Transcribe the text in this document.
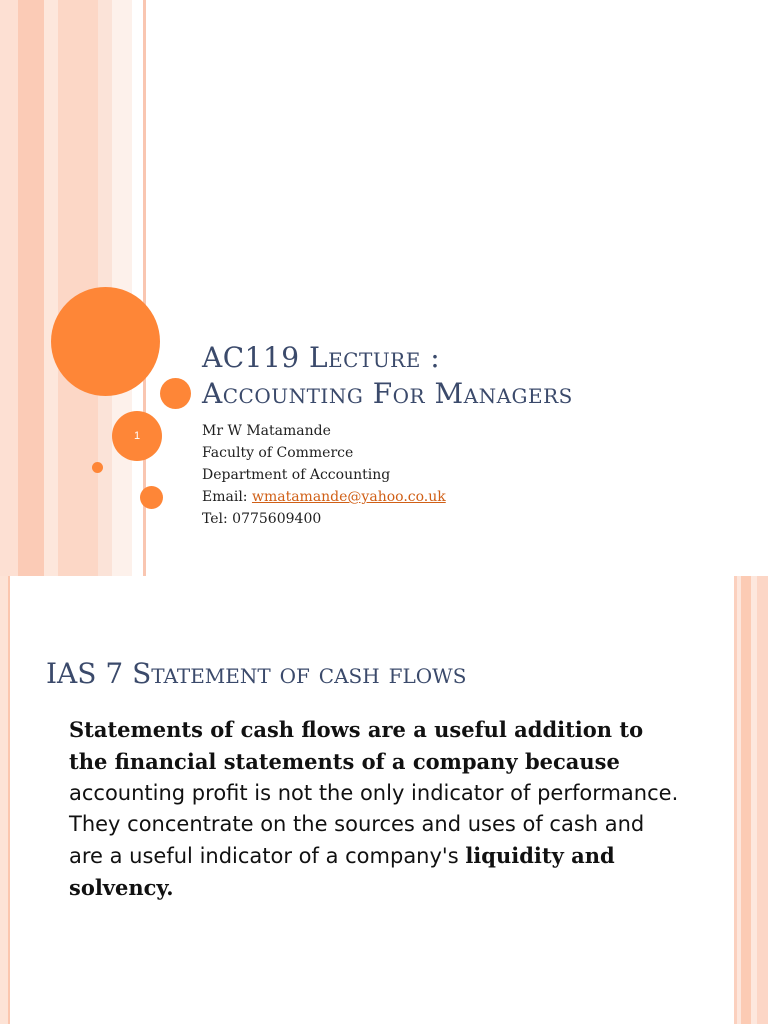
1
AC119 Lecture :
Accounting For Managers
Mr W Matamande
Faculty of Commerce
Department of Accounting
Email: wmatamande@yahoo.co.uk
Tel: 0775609400
IAS 7 Statement of cash flows
Statements of cash flows are a useful addition to the financial statements of a company because accounting profit is not the only indicator of performance. They concentrate on the sources and uses of cash and are a useful indicator of a company's liquidity and solvency.
